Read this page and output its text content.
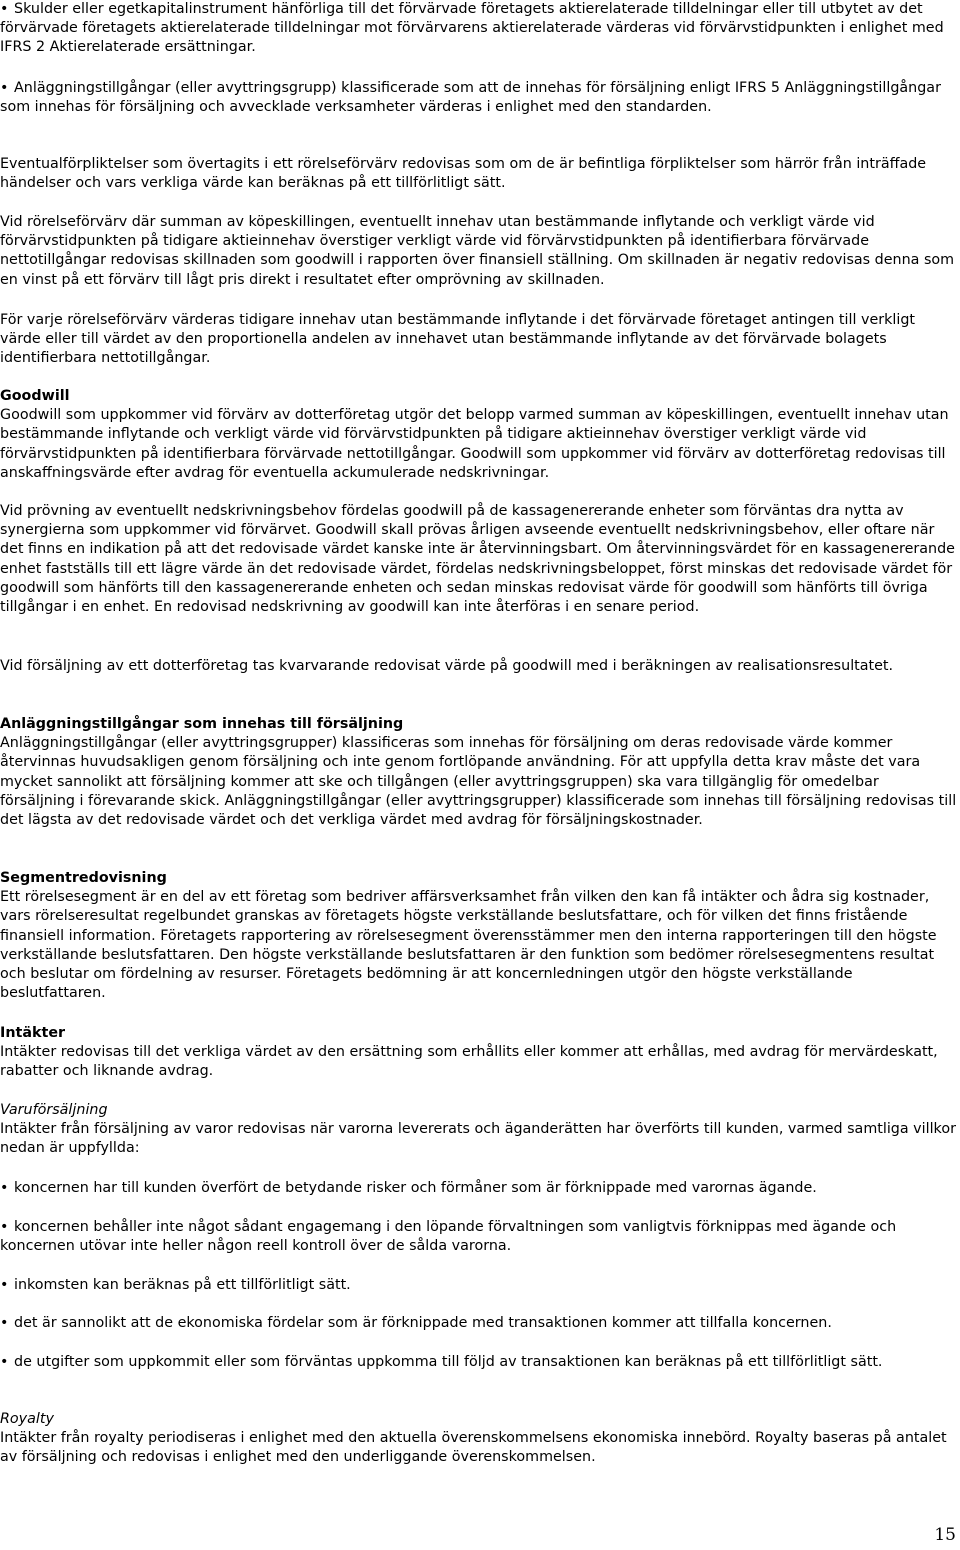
• Skulder eller egetkapitalinstrument hänförliga till det förvärvade företagets aktierelaterade tilldelningar eller till utbytet av det förvärvade företagets aktierelaterade tilldelningar mot förvärvarens aktierelaterade värderas vid förvärvstidpunkten i enlighet med IFRS 2 Aktierelaterade ersättningar.

• Anläggningstillgångar (eller avyttringsgrupp) klassificerade som att de innehas för försäljning enligt IFRS 5 Anläggningstillgångar som innehas för försäljning och avvecklade verksamheter värderas i enlighet med den standarden.

Eventualförpliktelser som övertagits i ett rörelseförvärv redovisas som om de är befintliga förpliktelser som härrör från inträffade händelser och vars verkliga värde kan beräknas på ett tillförlitligt sätt.

Vid rörelseförvärv där summan av köpeskillingen, eventuellt innehav utan bestämmande inflytande och verkligt värde vid förvärvstidpunkten på tidigare aktieinnehav överstiger verkligt värde vid förvärvstidpunkten på identifierbara förvärvade nettotillgångar redovisas skillnaden som goodwill i rapporten över finansiell ställning. Om skillnaden är negativ redovisas denna som en vinst på ett förvärv till lågt pris direkt i resultatet efter omprövning av skillnaden.

För varje rörelseförvärv värderas tidigare innehav utan bestämmande inflytande i det förvärvade företaget antingen till verkligt värde eller till värdet av den proportionella andelen av innehavet utan bestämmande inflytande av det förvärvade bolagets identifierbara nettotillgångar.

Goodwill
Goodwill som uppkommer vid förvärv av dotterföretag utgör det belopp varmed summan av köpeskillingen, eventuellt innehav utan bestämmande inflytande och verkligt värde vid förvärvstidpunkten på tidigare aktieinnehav överstiger verkligt värde vid förvärvstidpunkten på identifierbara förvärvade nettotillgångar. Goodwill som uppkommer vid förvärv av dotterföretag redovisas till anskaffningsvärde efter avdrag för eventuella ackumulerade nedskrivningar.

Vid prövning av eventuellt nedskrivningsbehov fördelas goodwill på de kassagenererande enheter som förväntas dra nytta av synergierna som uppkommer vid förvärvet. Goodwill skall prövas årligen avseende eventuellt nedskrivningsbehov, eller oftare när det finns en indikation på att det redovisade värdet kanske inte är återvinningsbart. Om återvinningsvärdet för en kassagenererande enhet fastställs till ett lägre värde än det redovisade värdet, fördelas nedskrivningsbeloppet, först minskas det redovisade värdet för goodwill som hänförts till den kassagenererande enheten och sedan minskas redovisat värde för goodwill som hänförts till övriga tillgångar i en enhet. En redovisad nedskrivning av goodwill kan inte återföras i en senare period.

Vid försäljning av ett dotterföretag tas kvarvarande redovisat värde på goodwill med i beräkningen av realisationsresultatet.

Anläggningstillgångar som innehas till försäljning
Anläggningstillgångar (eller avyttringsgrupper) klassificeras som innehas för försäljning om deras redovisade värde kommer återvinnas huvudsakligen genom försäljning och inte genom fortlöpande användning. För att uppfylla detta krav måste det vara mycket sannolikt att försäljning kommer att ske och tillgången (eller avyttringsgruppen) ska vara tillgänglig för omedelbar försäljning i förevarande skick. Anläggningstillgångar (eller avyttringsgrupper) klassificerade som innehas till försäljning redovisas till det lägsta av det redovisade värdet och det verkliga värdet med avdrag för försäljningskostnader.
Segmentredovisning
Ett rörelsesegment är en del av ett företag som bedriver affärsverksamhet från vilken den kan få intäkter och ådra sig kostnader, vars rörelseresultat regelbundet granskas av företagets högste verkställande beslutsfattare, och för vilken det finns fristående finansiell information. Företagets rapportering av rörelsesegment överensstämmer men den interna rapporteringen till den högste verkställande beslutsfattaren. Den högste verkställande beslutsfattaren är den funktion som bedömer rörelsesegmentens resultat och beslutar om fördelning av resurser. Företagets bedömning är att koncernledningen utgör den högste verkställande beslutfattaren.
Intäkter
Intäkter redovisas till det verkliga värdet av den ersättning som erhållits eller kommer att erhållas, med avdrag för mervärdeskatt, rabatter och liknande avdrag.
Varuförsäljning
Intäkter från försäljning av varor redovisas när varorna levererats och äganderätten har överförts till kunden, varmed samtliga villkor nedan är uppfyllda:

• koncernen har till kunden överfört de betydande risker och förmåner som är förknippade med varornas ägande.

• koncernen behåller inte något sådant engagemang i den löpande förvaltningen som vanligtvis förknippas med ägande och koncernen utövar inte heller någon reell kontroll över de sålda varorna.

• inkomsten kan beräknas på ett tillförlitligt sätt.

• det är sannolikt att de ekonomiska fördelar som är förknippade med transaktionen kommer att tillfalla koncernen.

• de utgifter som uppkommit eller som förväntas uppkomma till följd av transaktionen kan beräknas på ett tillförlitligt sätt.

Royalty
Intäkter från royalty periodiseras i enlighet med den aktuella överenskommelsens ekonomiska innebörd. Royalty baseras på antalet av försäljning och redovisas i enlighet med den underliggande överenskommelsen.
15
